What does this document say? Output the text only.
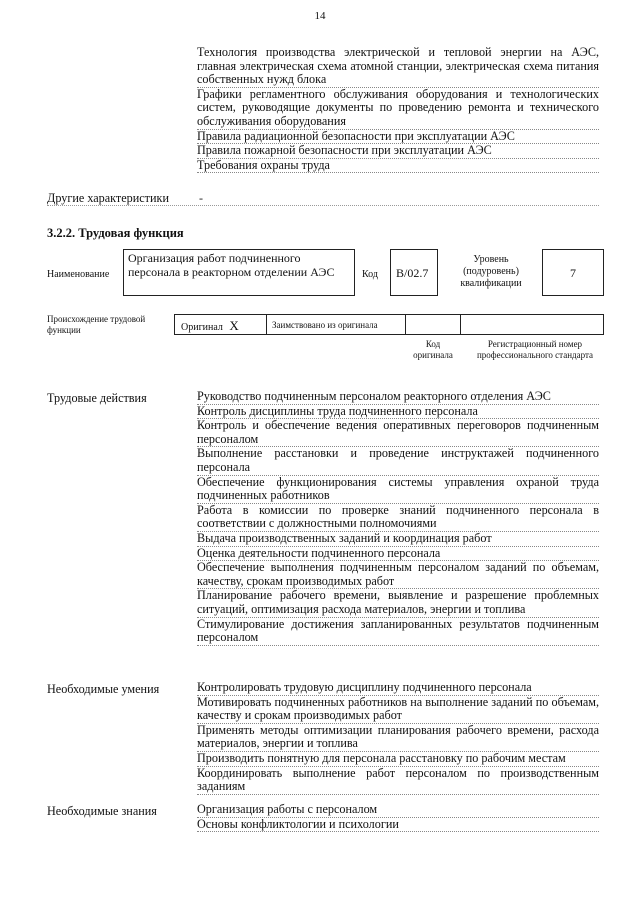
14
Технология производства электрической и тепловой энергии на АЭС, главная электрическая схема атомной станции, электрическая схема питания собственных нужд блока
Графики регламентного обслуживания оборудования и технологических систем, руководящие документы по проведению ремонта и технического обслуживания оборудования
Правила радиационной безопасности при эксплуатации АЭС
Правила пожарной безопасности при эксплуатации АЭС
Требования охраны труда
Другие характеристики	-
3.2.2. Трудовая функция
Наименование
Организация работ подчиненного персонала в реакторном отделении АЭС	Код	В/02.7
Уровень (подуровень) квалификации
7
Происхождение трудовой функции	Оригинал X	Заимствовано из оригинала
Код оригинала
Регистрационный номер профессионального стандарта
Трудовые действия	Руководство подчиненным персоналом реакторного отделения АЭС
Контроль дисциплины труда подчиненного персонала
Контроль и обеспечение ведения оперативных переговоров подчиненным персоналом
Выполнение расстановки и проведение инструктажей подчиненного персонала
Обеспечение функционирования системы управления охраной труда подчиненных работников
Работа в комиссии по проверке знаний подчиненного персонала в соответствии с должностными полномочиями
Выдача производственных заданий и координация работ
Оценка деятельности подчиненного персонала
Обеспечение выполнения подчиненным персоналом заданий по объемам, качеству, срокам производимых работ
Планирование рабочего времени, выявление и разрешение проблемных ситуаций, оптимизация расхода материалов, энергии и топлива
Стимулирование достижения запланированных результатов подчиненным персоналом
Необходимые умения	Контролировать трудовую дисциплину подчиненного персонала
Мотивировать подчиненных работников на выполнение заданий по объемам, качеству и срокам производимых работ
Применять методы оптимизации планирования рабочего времени, расхода материалов, энергии и топлива
Производить понятную для персонала расстановку по рабочим местам
Координировать выполнение работ персоналом по производственным заданиям
Необходимые знания	Организация работы с персоналом
Основы конфликтологии и психологии
